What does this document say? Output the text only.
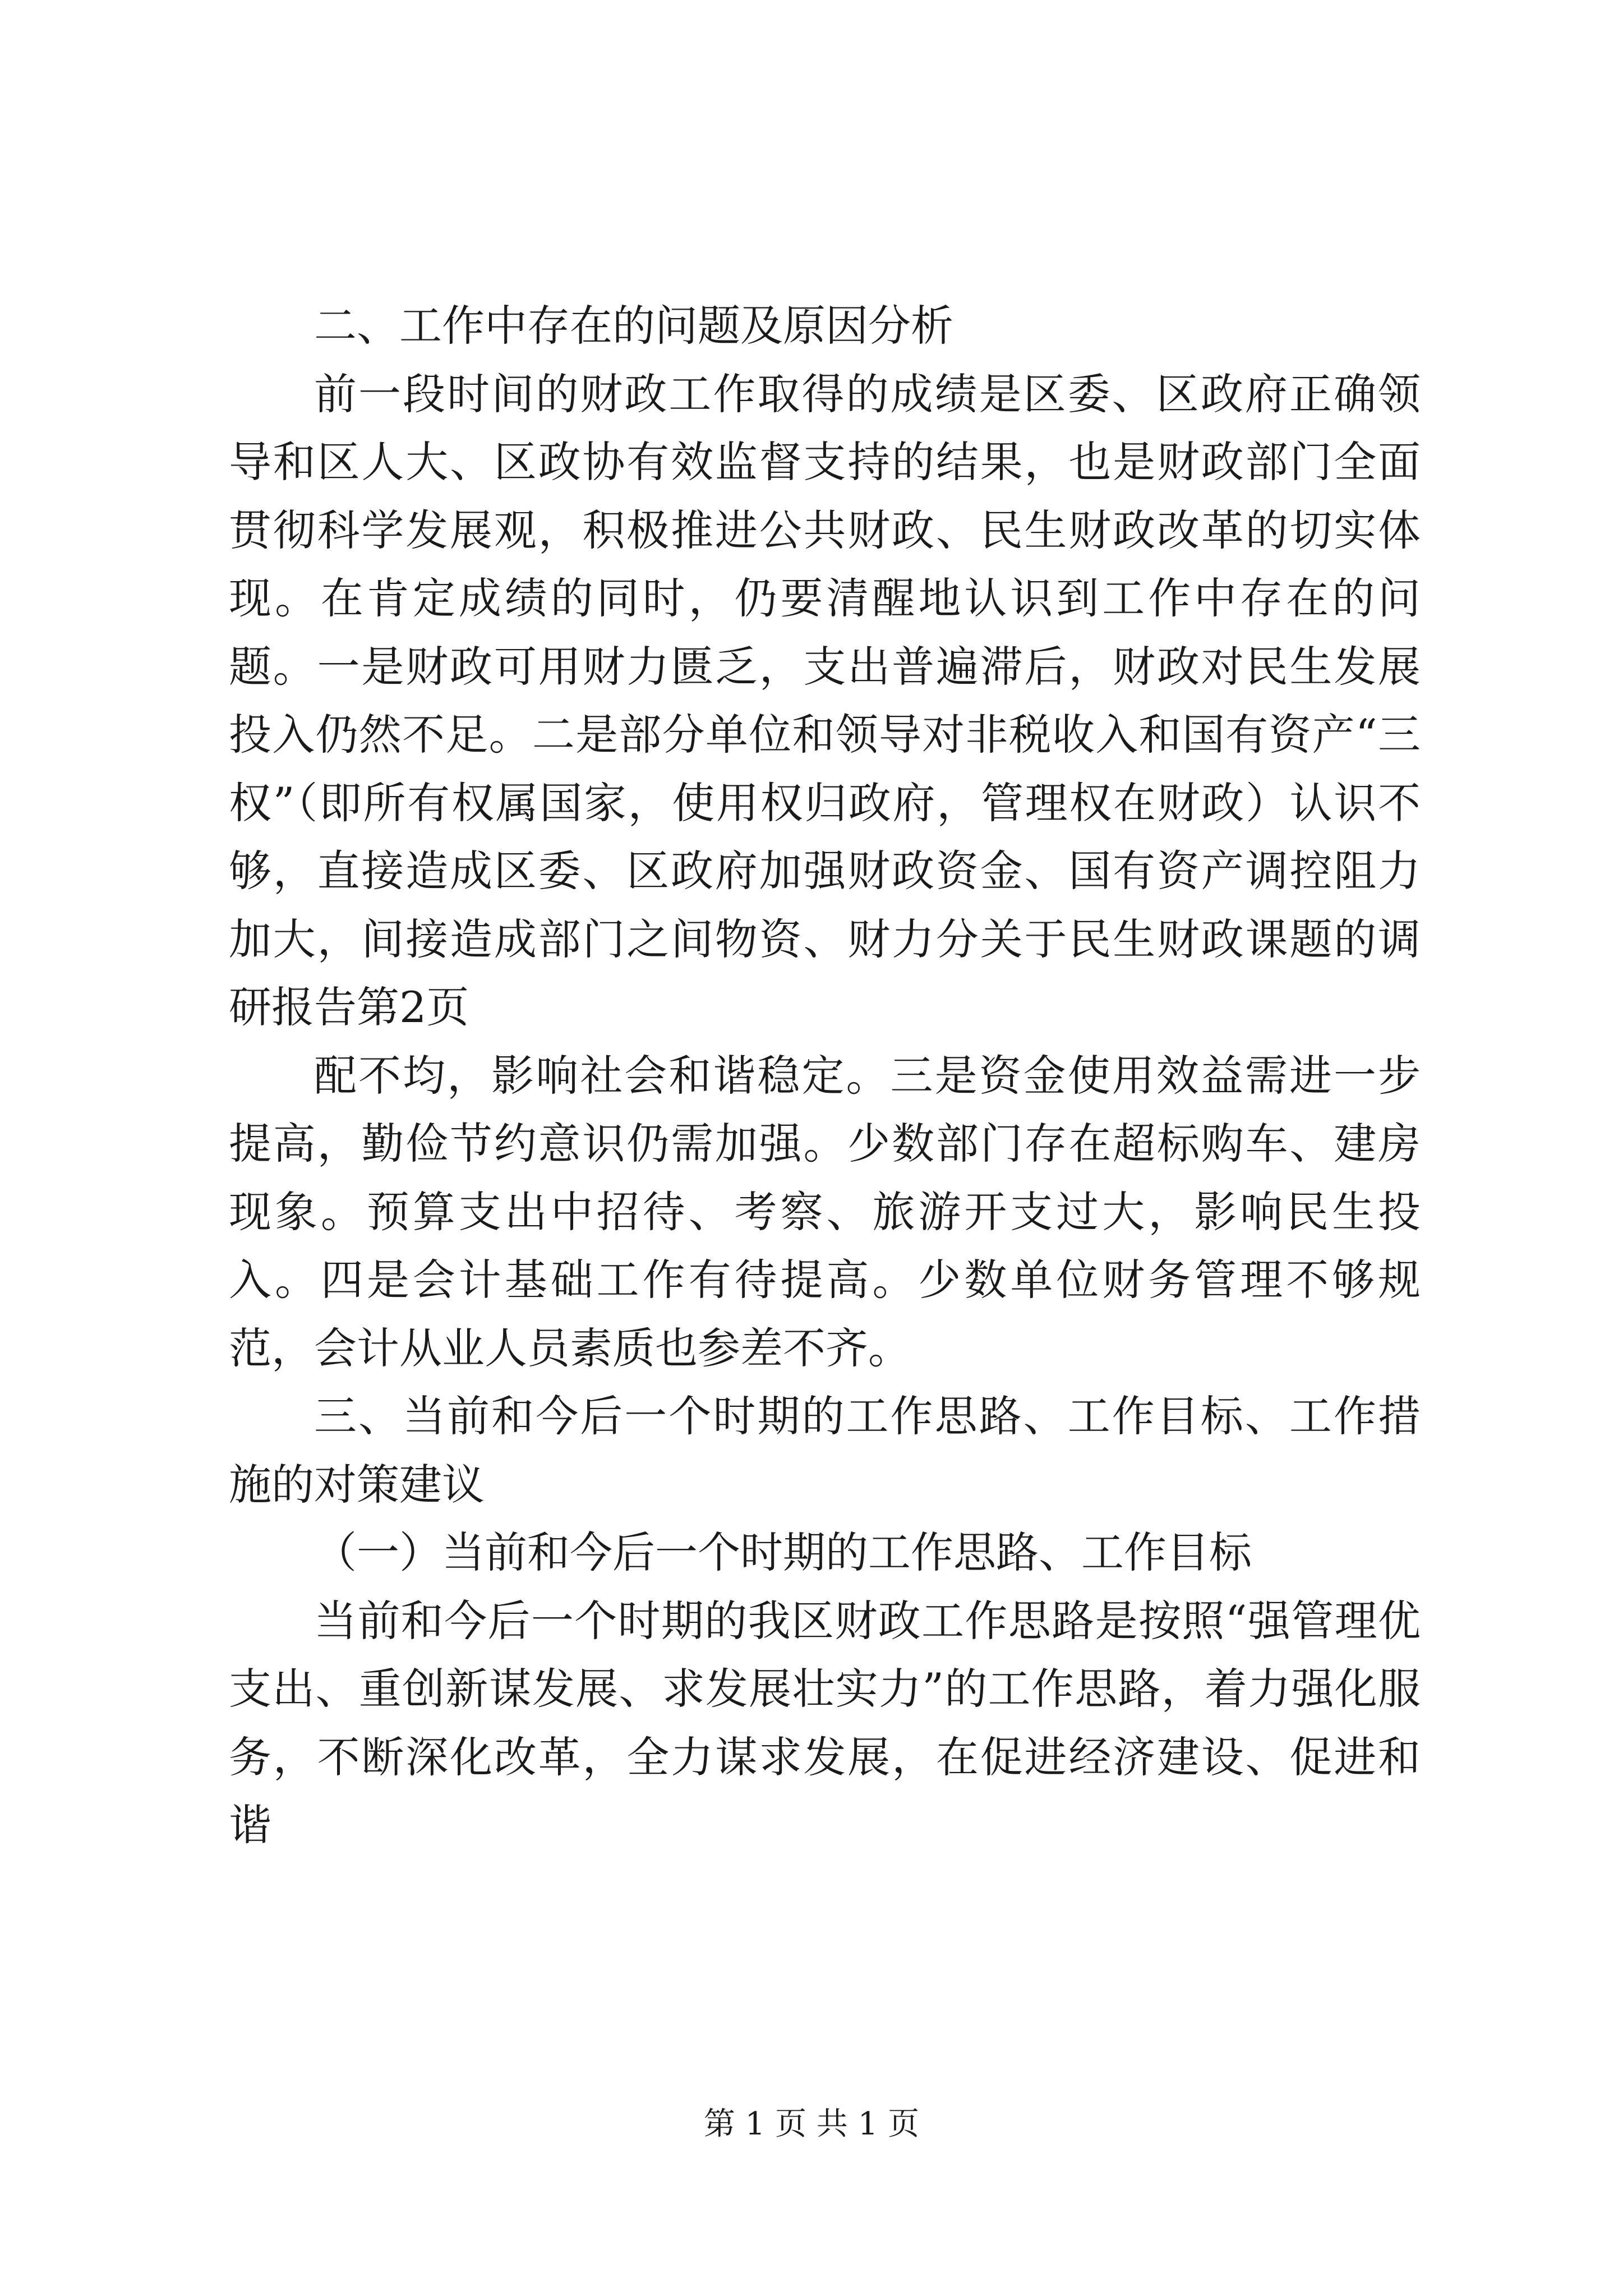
二、工作中存在的问题及原因分析

前一段时间的财政工作取得的成绩是区委、区政府正确领导和区人大、区政协有效监督支持的结果，也是财政部门全面贯彻科学发展观，积极推进公共财政、民生财政改革的切实体现。在肯定成绩的同时，仍要清醒地认识到工作中存在的问题。一是财政可用财力匮乏，支出普遍滞后，财政对民生发展投入仍然不足。二是部分单位和领导对非税收入和国有资产“三权”（即所有权属国家，使用权归政府，管理权在财政）认识不够，直接造成区委、区政府加强财政资金、国有资产调控阻力加大，间接造成部门之间物资、财力分关于民生财政课题的调研报告第2页

配不均，影响社会和谐稳定。三是资金使用效益需进一步提高，勤俭节约意识仍需加强。少数部门存在超标购车、建房现象。预算支出中招待、考察、旅游开支过大，影响民生投入。四是会计基础工作有待提高。少数单位财务管理不够规范，会计从业人员素质也参差不齐。

三、当前和今后一个时期的工作思路、工作目标、工作措施的对策建议

（一）当前和今后一个时期的工作思路、工作目标

当前和今后一个时期的我区财政工作思路是按照“强管理优支出、重创新谋发展、求发展壮实力”的工作思路，着力强化服务，不断深化改革，全力谋求发展，在促进经济建设、促进和谐

第 1 页 共 1 页
